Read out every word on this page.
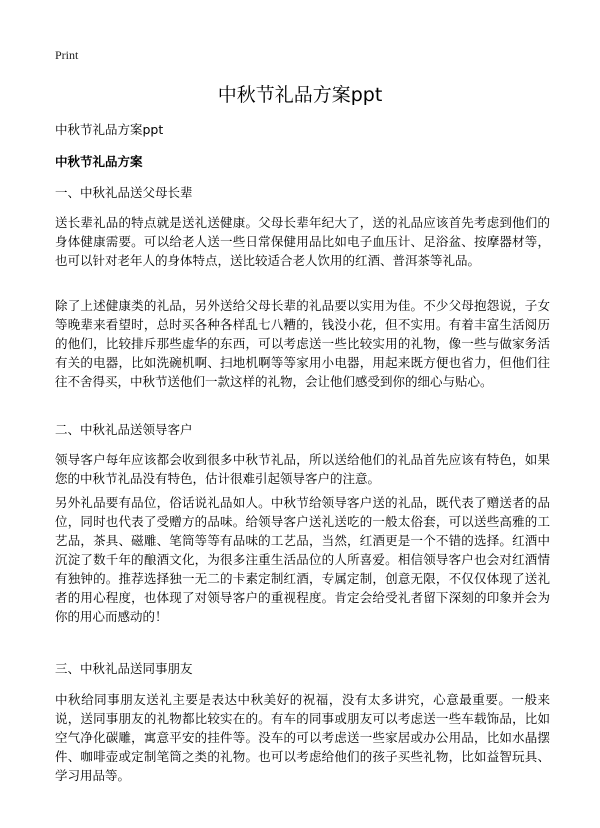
Print
中秋节礼品方案ppt

中秋节礼品方案ppt

中秋节礼品方案

一、中秋礼品送父母长辈

送长辈礼品的特点就是送礼送健康。父母长辈年纪大了，送的礼品应该首先考虑到他们的身体健康需要。可以给老人送一些日常保健用品比如电子血压计、足浴盆、按摩器材等，也可以针对老年人的身体特点，送比较适合老人饮用的红酒、普洱茶等礼品。

除了上述健康类的礼品，另外送给父母长辈的礼品要以实用为佳。不少父母抱怨说，子女等晚辈来看望时，总时买各种各样乱七八糟的，钱没小花，但不实用。有着丰富生活阅历的他们，比较排斥那些虚华的东西，可以考虑送一些比较实用的礼物，像一些与做家务活有关的电器，比如洗碗机啊、扫地机啊等等家用小电器，用起来既方便也省力，但他们往往不舍得买，中秋节送他们一款这样的礼物，会让他们感受到你的细心与贴心。

二、中秋礼品送领导客户

领导客户每年应该都会收到很多中秋节礼品，所以送给他们的礼品首先应该有特色，如果您的中秋节礼品没有特色，估计很难引起领导客户的注意。

另外礼品要有品位，俗话说礼品如人。中秋节给领导客户送的礼品，既代表了赠送者的品位，同时也代表了受赠方的品味。给领导客户送礼送吃的一般太俗套，可以送些高雅的工艺品，茶具、磁雕、笔筒等等有品味的工艺品，当然，红酒更是一个不错的选择。红酒中沉淀了数千年的酿酒文化，为很多注重生活品位的人所喜爱。相信领导客户也会对红酒情有独钟的。推荐选择独一无二的卡素定制红酒，专属定制，创意无限，不仅仅体现了送礼者的用心程度，也体现了对领导客户的重视程度。肯定会给受礼者留下深刻的印象并会为你的用心而感动的！

三、中秋礼品送同事朋友

中秋给同事朋友送礼主要是表达中秋美好的祝福，没有太多讲究，心意最重要。一般来说，送同事朋友的礼物都比较实在的。有车的同事或朋友可以考虑送一些车载饰品，比如空气净化碳雕，寓意平安的挂件等。没车的可以考虑送一些家居或办公用品，比如水晶摆件、咖啡壶或定制笔筒之类的礼物。也可以考虑给他们的孩子买些礼物，比如益智玩具、学习用品等。
